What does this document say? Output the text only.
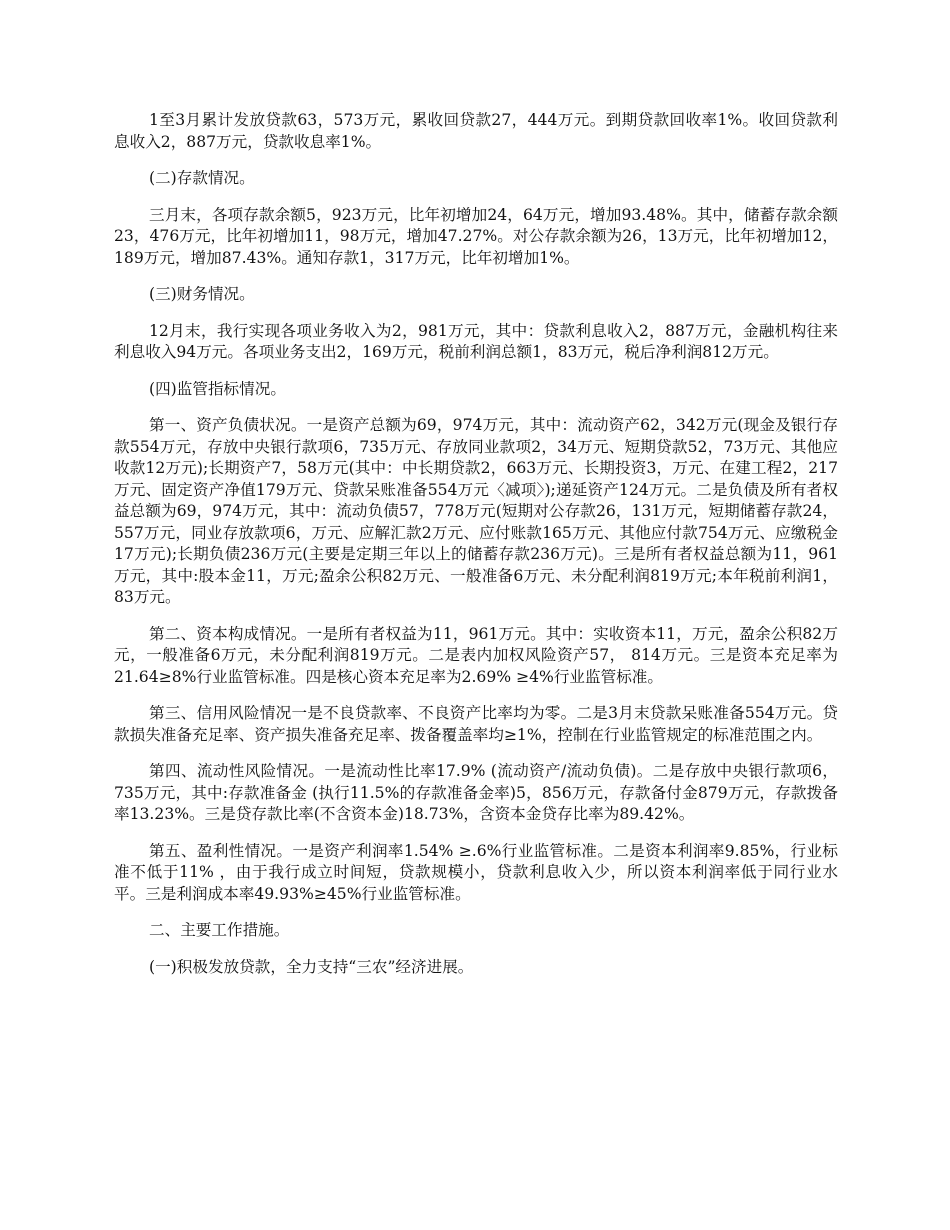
1至3月累计发放贷款63，573万元，累收回贷款27，444万元。到期贷款回收率1%。收回贷款利息收入2，887万元，贷款收息率1%。

(二)存款情况。

三月末，各项存款余额5，923万元，比年初增加24，64万元，增加93.48%。其中，储蓄存款余额23，476万元，比年初增加11，98万元，增加47.27%。对公存款余额为26，13万元，比年初增加12，189万元，增加87.43%。通知存款1，317万元，比年初增加1%。

(三)财务情况。

12月末，我行实现各项业务收入为2，981万元，其中：贷款利息收入2，887万元，金融机构往来利息收入94万元。各项业务支出2，169万元，税前利润总额1，83万元，税后净利润812万元。

(四)监管指标情况。

第一、资产负债状况。一是资产总额为69，974万元，其中：流动资产62，342万元(现金及银行存款554万元，存放中央银行款项6，735万元、存放同业款项2，34万元、短期贷款52，73万元、其他应收款12万元);长期资产7，58万元(其中：中长期贷款2，663万元、长期投资3，万元、在建工程2，217万元、固定资产净值179万元、贷款呆账准备554万元〈减项〉);递延资产124万元。二是负债及所有者权益总额为69，974万元，其中：流动负债57，778万元(短期对公存款26，131万元，短期储蓄存款24，557万元，同业存放款项6，万元、应解汇款2万元、应付账款165万元、其他应付款754万元、应缴税金17万元);长期负债236万元(主要是定期三年以上的储蓄存款236万元)。三是所有者权益总额为11，961万元，其中:股本金11，万元;盈余公积82万元、一般准备6万元、未分配利润819万元;本年税前利润1，83万元。

第二、资本构成情况。一是所有者权益为11，961万元。其中：实收资本11，万元，盈余公积82万元，一般准备6万元，未分配利润819万元。二是表内加权风险资产57， 814万元。三是资本充足率为21.64≥8%行业监管标准。四是核心资本充足率为2.69% ≥4%行业监管标准。

第三、信用风险情况一是不良贷款率、不良资产比率均为零。二是3月末贷款呆账准备554万元。贷款损失准备充足率、资产损失准备充足率、拨备覆盖率均≥1%，控制在行业监管规定的标准范围之内。

第四、流动性风险情况。一是流动性比率17.9% (流动资产/流动负债)。二是存放中央银行款项6，735万元，其中:存款准备金 (执行11.5%的存款准备金率)5，856万元，存款备付金879万元，存款拨备率13.23%。三是贷存款比率(不含资本金)18.73%，含资本金贷存比率为89.42%。

第五、盈利性情况。一是资产利润率1.54% ≥.6%行业监管标准。二是资本利润率9.85%，行业标准不低于11% ，由于我行成立时间短，贷款规模小，贷款利息收入少，所以资本利润率低于同行业水平。三是利润成本率49.93%≥45%行业监管标准。

二、主要工作措施。

(一)积极发放贷款，全力支持“三农”经济进展。
